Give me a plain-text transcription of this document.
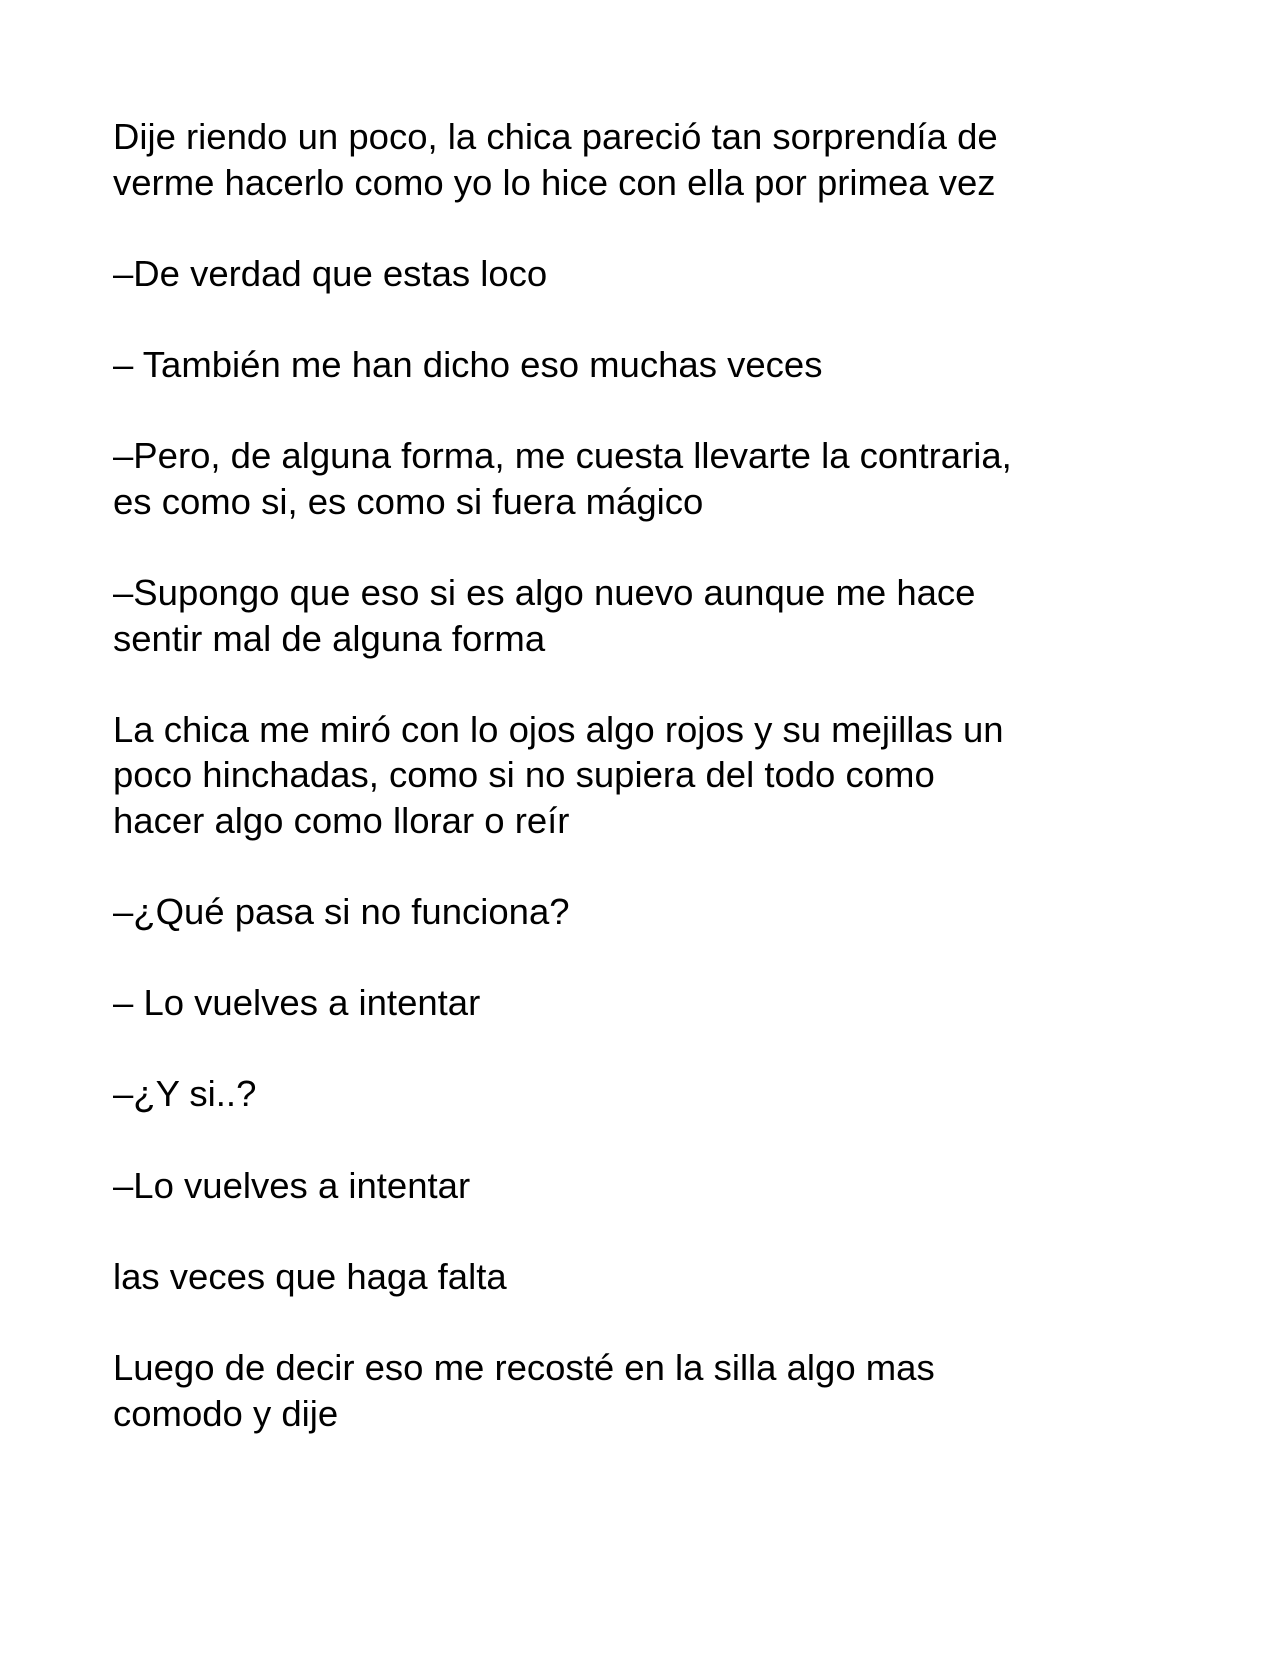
Dije riendo un poco, la chica pareció tan sorprendía de
verme hacerlo como yo lo hice con ella por primea vez

–De verdad que estas loco

– También me han dicho eso muchas veces

–Pero, de alguna forma, me cuesta llevarte la contraria,
es como si, es como si fuera mágico

–Supongo que eso si es algo nuevo aunque me hace
sentir mal de alguna forma

La chica me miró con lo ojos algo rojos y su mejillas un
poco hinchadas, como si no supiera del todo como
hacer algo como llorar o reír

–¿Qué pasa si no funciona?

– Lo vuelves a intentar

–¿Y si..?

–Lo vuelves a intentar

las veces que haga falta

Luego de decir eso me recosté en la silla algo mas
comodo y dije
